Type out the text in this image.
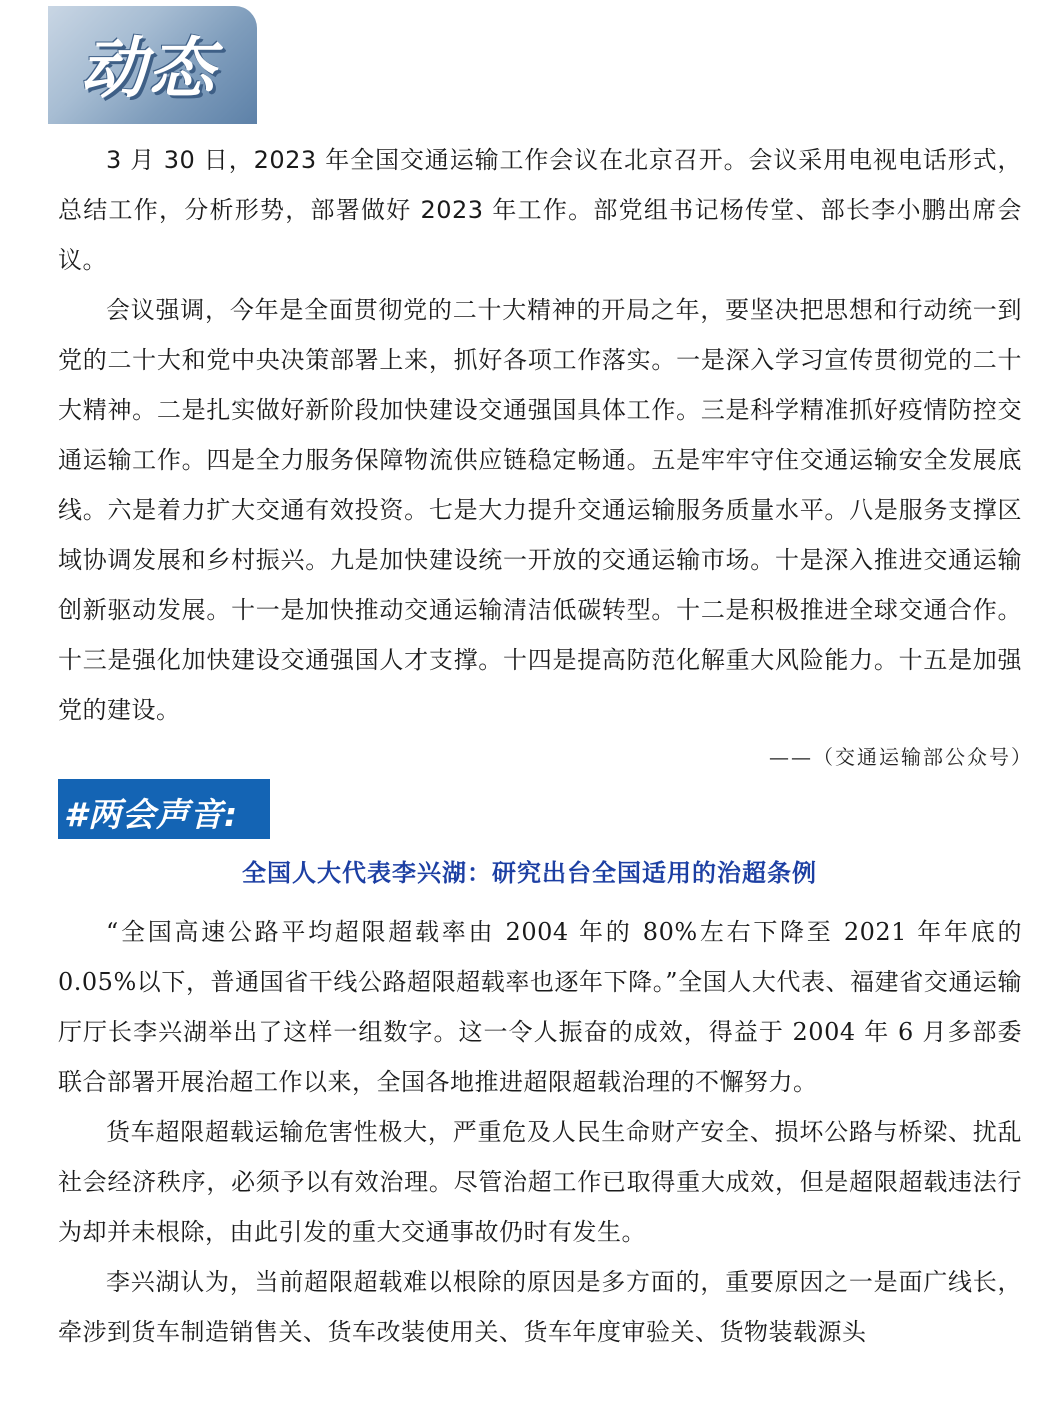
动态

3 月 30 日，2023 年全国交通运输工作会议在北京召开。会议采用电视电话形式，总结工作，分析形势，部署做好 2023 年工作。部党组书记杨传堂、部长李小鹏出席会议。

会议强调，今年是全面贯彻党的二十大精神的开局之年，要坚决把思想和行动统一到党的二十大和党中央决策部署上来，抓好各项工作落实。一是深入学习宣传贯彻党的二十大精神。二是扎实做好新阶段加快建设交通强国具体工作。三是科学精准抓好疫情防控交通运输工作。四是全力服务保障物流供应链稳定畅通。五是牢牢守住交通运输安全发展底线。六是着力扩大交通有效投资。七是大力提升交通运输服务质量水平。八是服务支撑区域协调发展和乡村振兴。九是加快建设统一开放的交通运输市场。十是深入推进交通运输创新驱动发展。十一是加快推动交通运输清洁低碳转型。十二是积极推进全球交通合作。十三是强化加快建设交通强国人才支撑。十四是提高防范化解重大风险能力。十五是加强党的建设。

——（交通运输部公众号）
#两会声音:
全国人大代表李兴湖：研究出台全国适用的治超条例

“全国高速公路平均超限超载率由 2004 年的 80%左右下降至 2021 年年底的 0.05%以下，普通国省干线公路超限超载率也逐年下降。”全国人大代表、福建省交通运输厅厅长李兴湖举出了这样一组数字。这一令人振奋的成效，得益于 2004 年 6 月多部委联合部署开展治超工作以来，全国各地推进超限超载治理的不懈努力。

货车超限超载运输危害性极大，严重危及人民生命财产安全、损坏公路与桥梁、扰乱社会经济秩序，必须予以有效治理。尽管治超工作已取得重大成效，但是超限超载违法行为却并未根除，由此引发的重大交通事故仍时有发生。

李兴湖认为，当前超限超载难以根除的原因是多方面的，重要原因之一是面广线长，牵涉到货车制造销售关、货车改装使用关、货车年度审验关、货物装载源头
